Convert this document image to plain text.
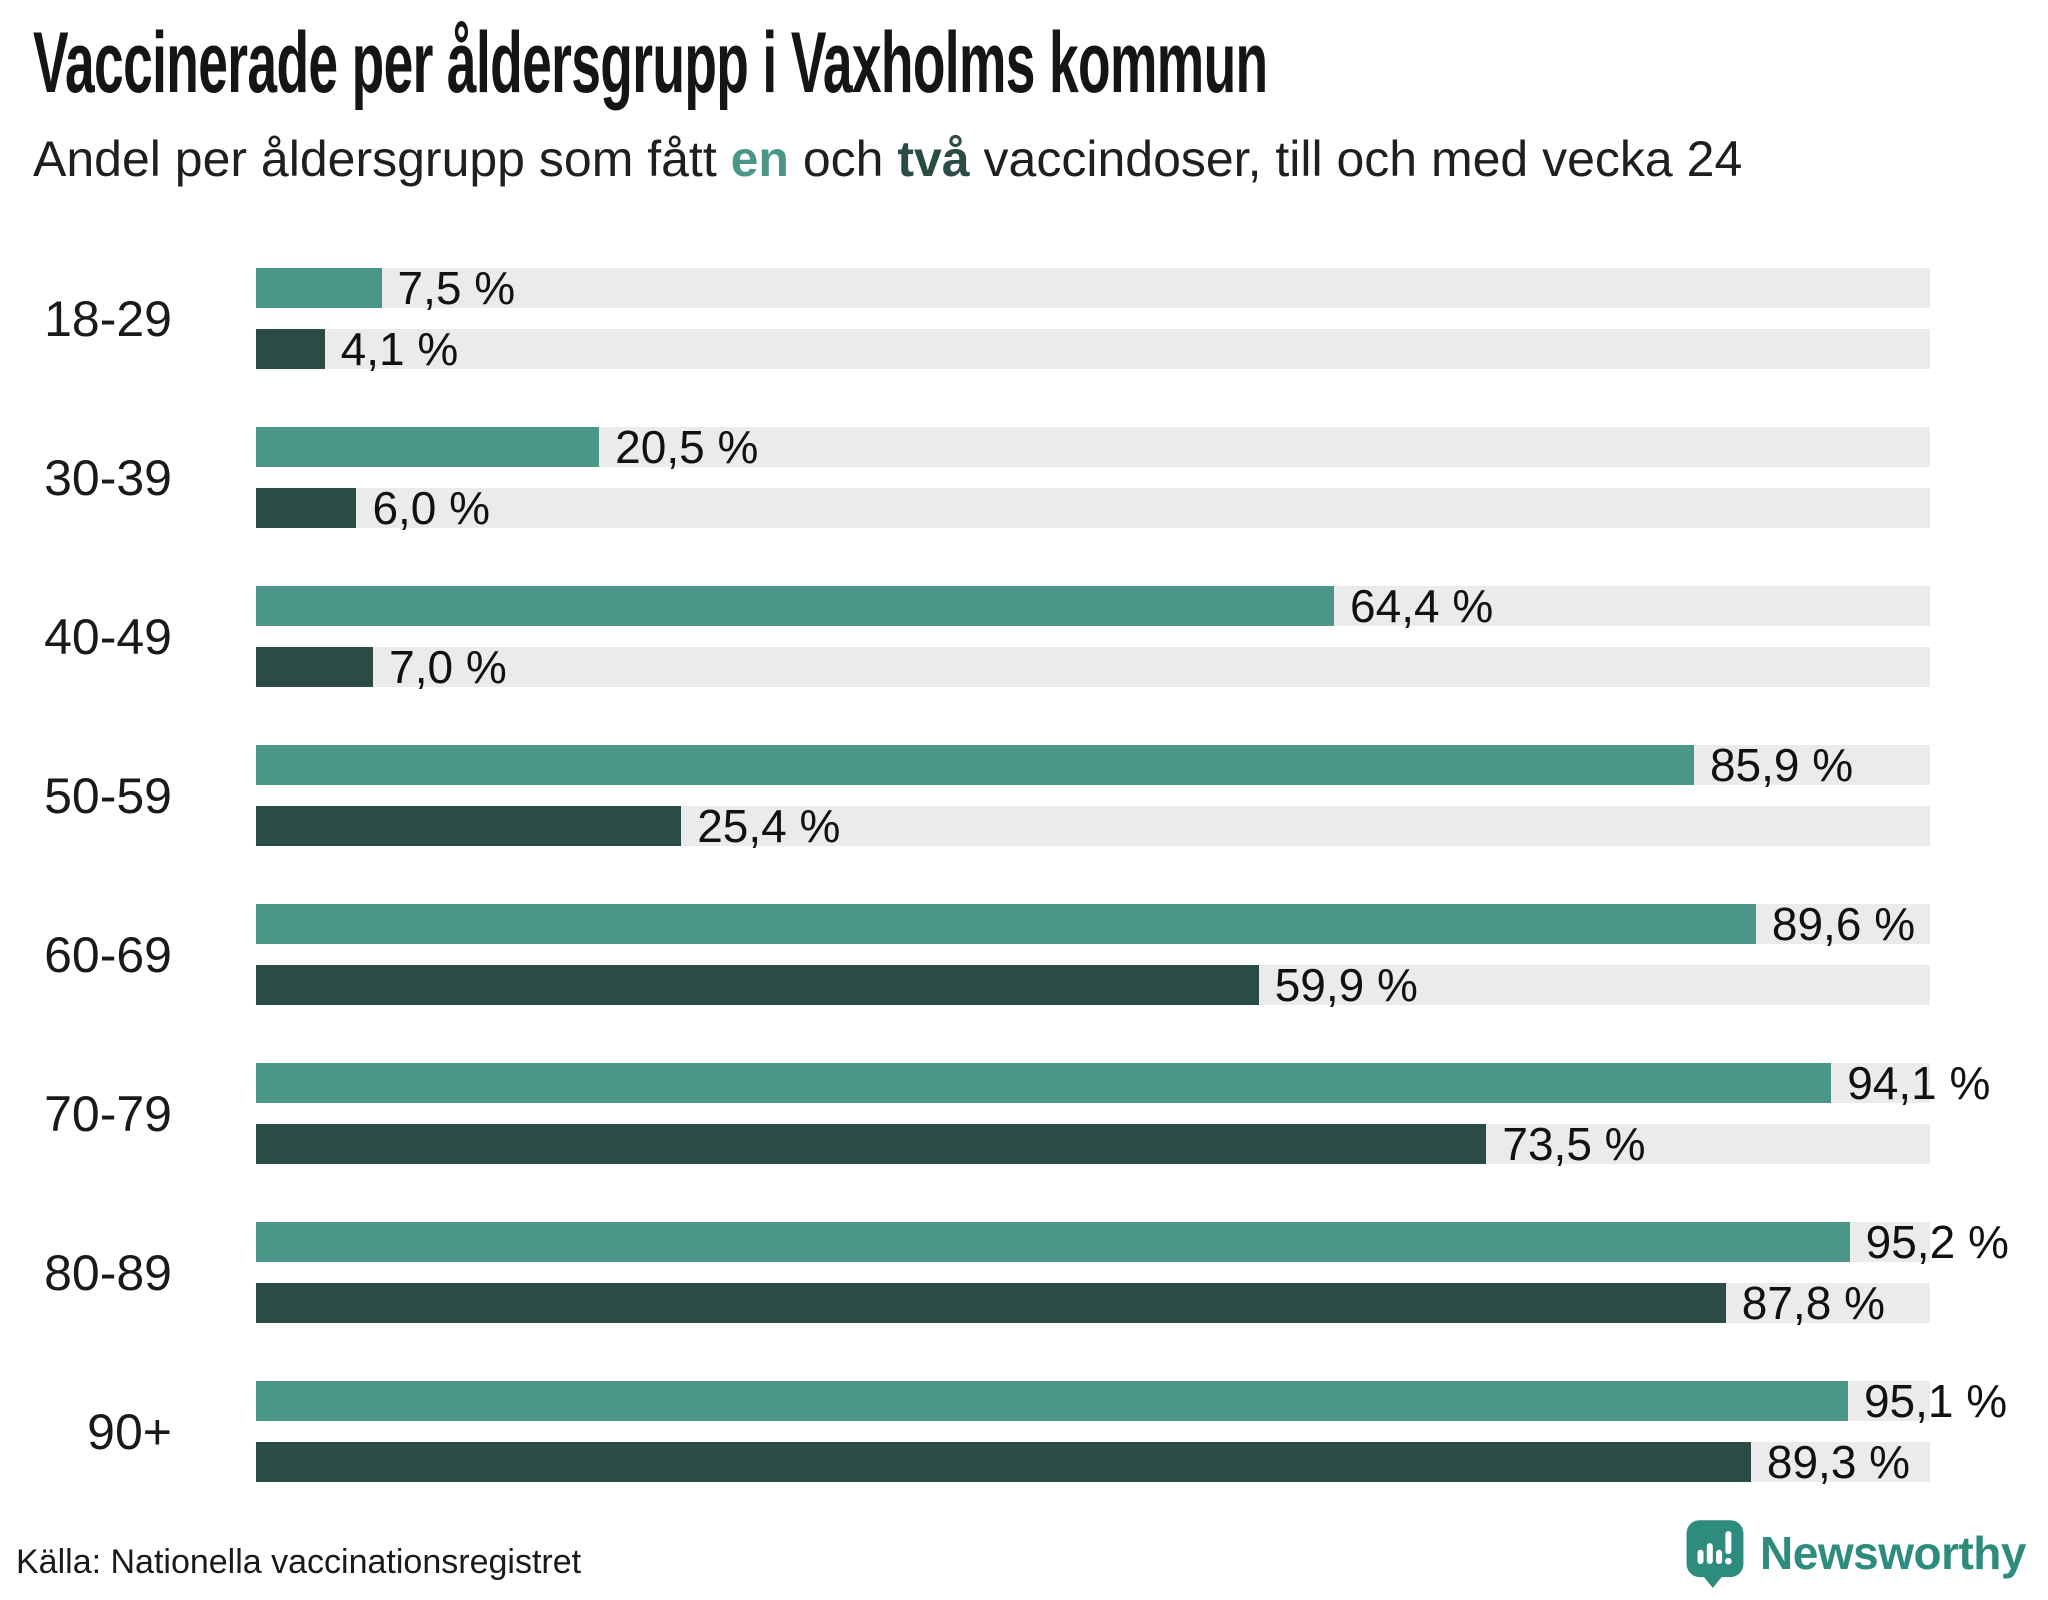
Vaccinerade per åldersgrupp i Vaxholms kommun
Andel per åldersgrupp som fått en och två vaccindoser, till och med vecka 24
18-29
7,5 %
4,1 %
30-39
20,5 %
6,0 %
40-49
64,4 %
7,0 %
50-59
85,9 %
25,4 %
60-69
89,6 %
59,9 %
70-79
94,1 %
73,5 %
80-89
95,2 %
87,8 %
90+
95,1 %
89,3 %
Källa: Nationella vaccinationsregistret	Newsworthy
